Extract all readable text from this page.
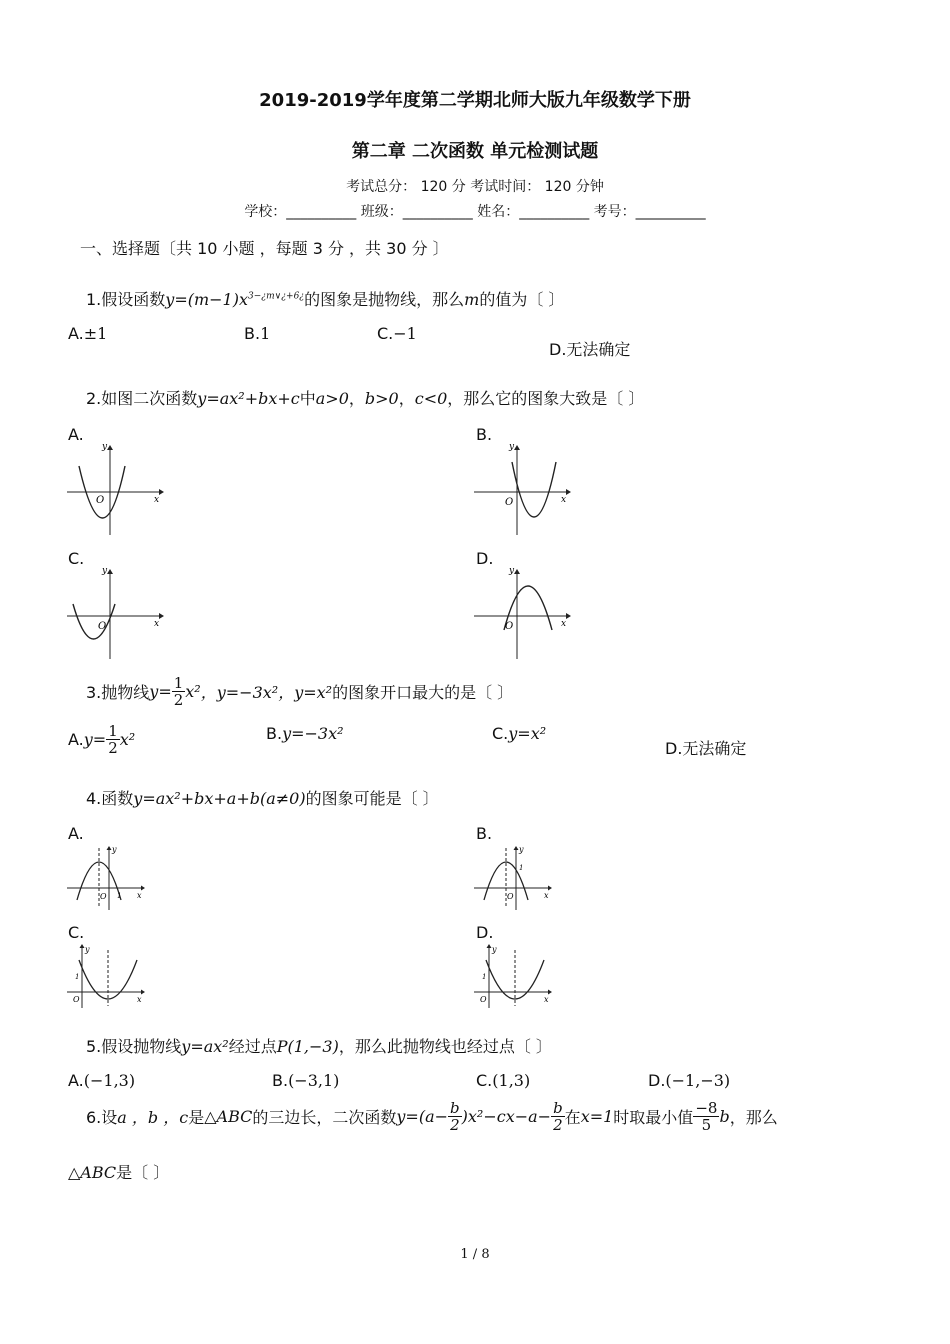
2019-2019学年度第二学期北师大版九年级数学下册
第二章 二次函数 单元检测试题
考试总分： 120 分 考试时间： 120 分钟
学校：__________ 班级：__________ 姓名：__________ 考号：__________
一、选择题〔共 10 小题 ，每题 3 分 ，共 30 分 〕
1.假设函数$y=(m-1)x^{3-¿m\vee¿+6¿}$的图象是抛物线，那么m的值为〔 〕
A.±1	B.1	C.−1
D.无法确定
2.如图二次函数y=ax²+bx+c中a>0，b>0，c<0，那么它的图象大致是〔 〕
A.
y
x
O
B.
y
x
O
C.
y
x
O
D.
y
x
O
3.抛物线$y= \frac{1}{2} x^2$，y=−3x²，y=x²的图象开口最大的是〔 〕
$A.y= \frac{1}{2} x^2$	B.y=−3x²	C.y=x²
D.无法确定
4.函数y=ax²+bx+a+b(a≠0)的图象可能是〔 〕
A.
y
x
O 1
B.
y
x
O
1
C.
y
x
O
1
D.
y
x
O
1
5.假设抛物线y=ax²经过点P(1,−3)，那么此抛物线也经过点〔 〕
A.(−1,3)	B.(−3,1)	C.(1,3)	D.(−1,−3)
6.设a ，b ，c是△ABC的三边长，二次函数$y=(a- \frac{b}{2} )x^2-cx-a- \frac{b}{2}$ 在x=1时取最小值 $\frac{-8}{5}$ b，那么
△ABC是〔 〕
1 / 8
